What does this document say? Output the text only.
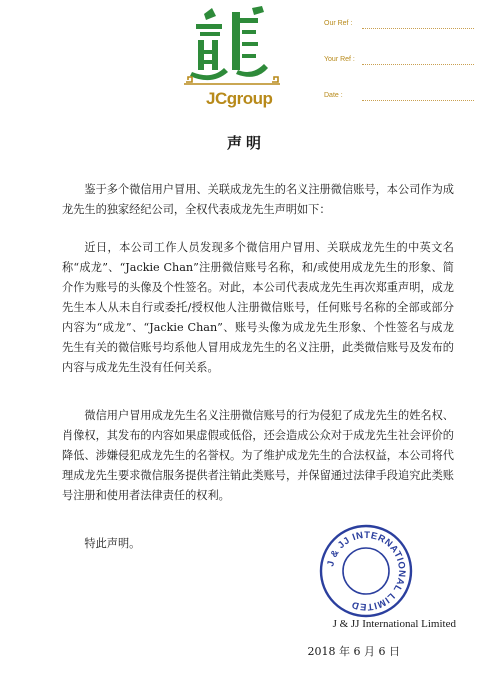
JCgroup
Our Ref :
Your Ref :
Date :
声明

鉴于多个微信用户冒用、关联成龙先生的名义注册微信账号，本公司作为成龙先生的独家经纪公司，全权代表成龙先生声明如下：

近日，本公司工作人员发现多个微信用户冒用、关联成龙先生的中英文名称“成龙”、“Jackie Chan”注册微信账号名称，和/或使用成龙先生的形象、简介作为账号的头像及个性签名。对此，本公司代表成龙先生再次郑重声明，成龙先生本人从未自行或委托/授权他人注册微信账号，任何账号名称的全部或部分内容为“成龙”、“Jackie Chan”、账号头像为成龙先生形象、个性签名与成龙先生有关的微信账号均系他人冒用成龙先生的名义注册，此类微信账号及发布的内容与成龙先生没有任何关系。

微信用户冒用成龙先生名义注册微信账号的行为侵犯了成龙先生的姓名权、肖像权，其发布的内容如果虚假或低俗，还会造成公众对于成龙先生社会评价的降低、涉嫌侵犯成龙先生的名誉权。为了维护成龙先生的合法权益，本公司将代理成龙先生要求微信服务提供者注销此类账号，并保留通过法律手段追究此类账号注册和使用者法律责任的权利。

特此声明。

J & JJ INTERNATIONAL LIMITED
J & JJ International Limited
2018 年 6 月 6 日
